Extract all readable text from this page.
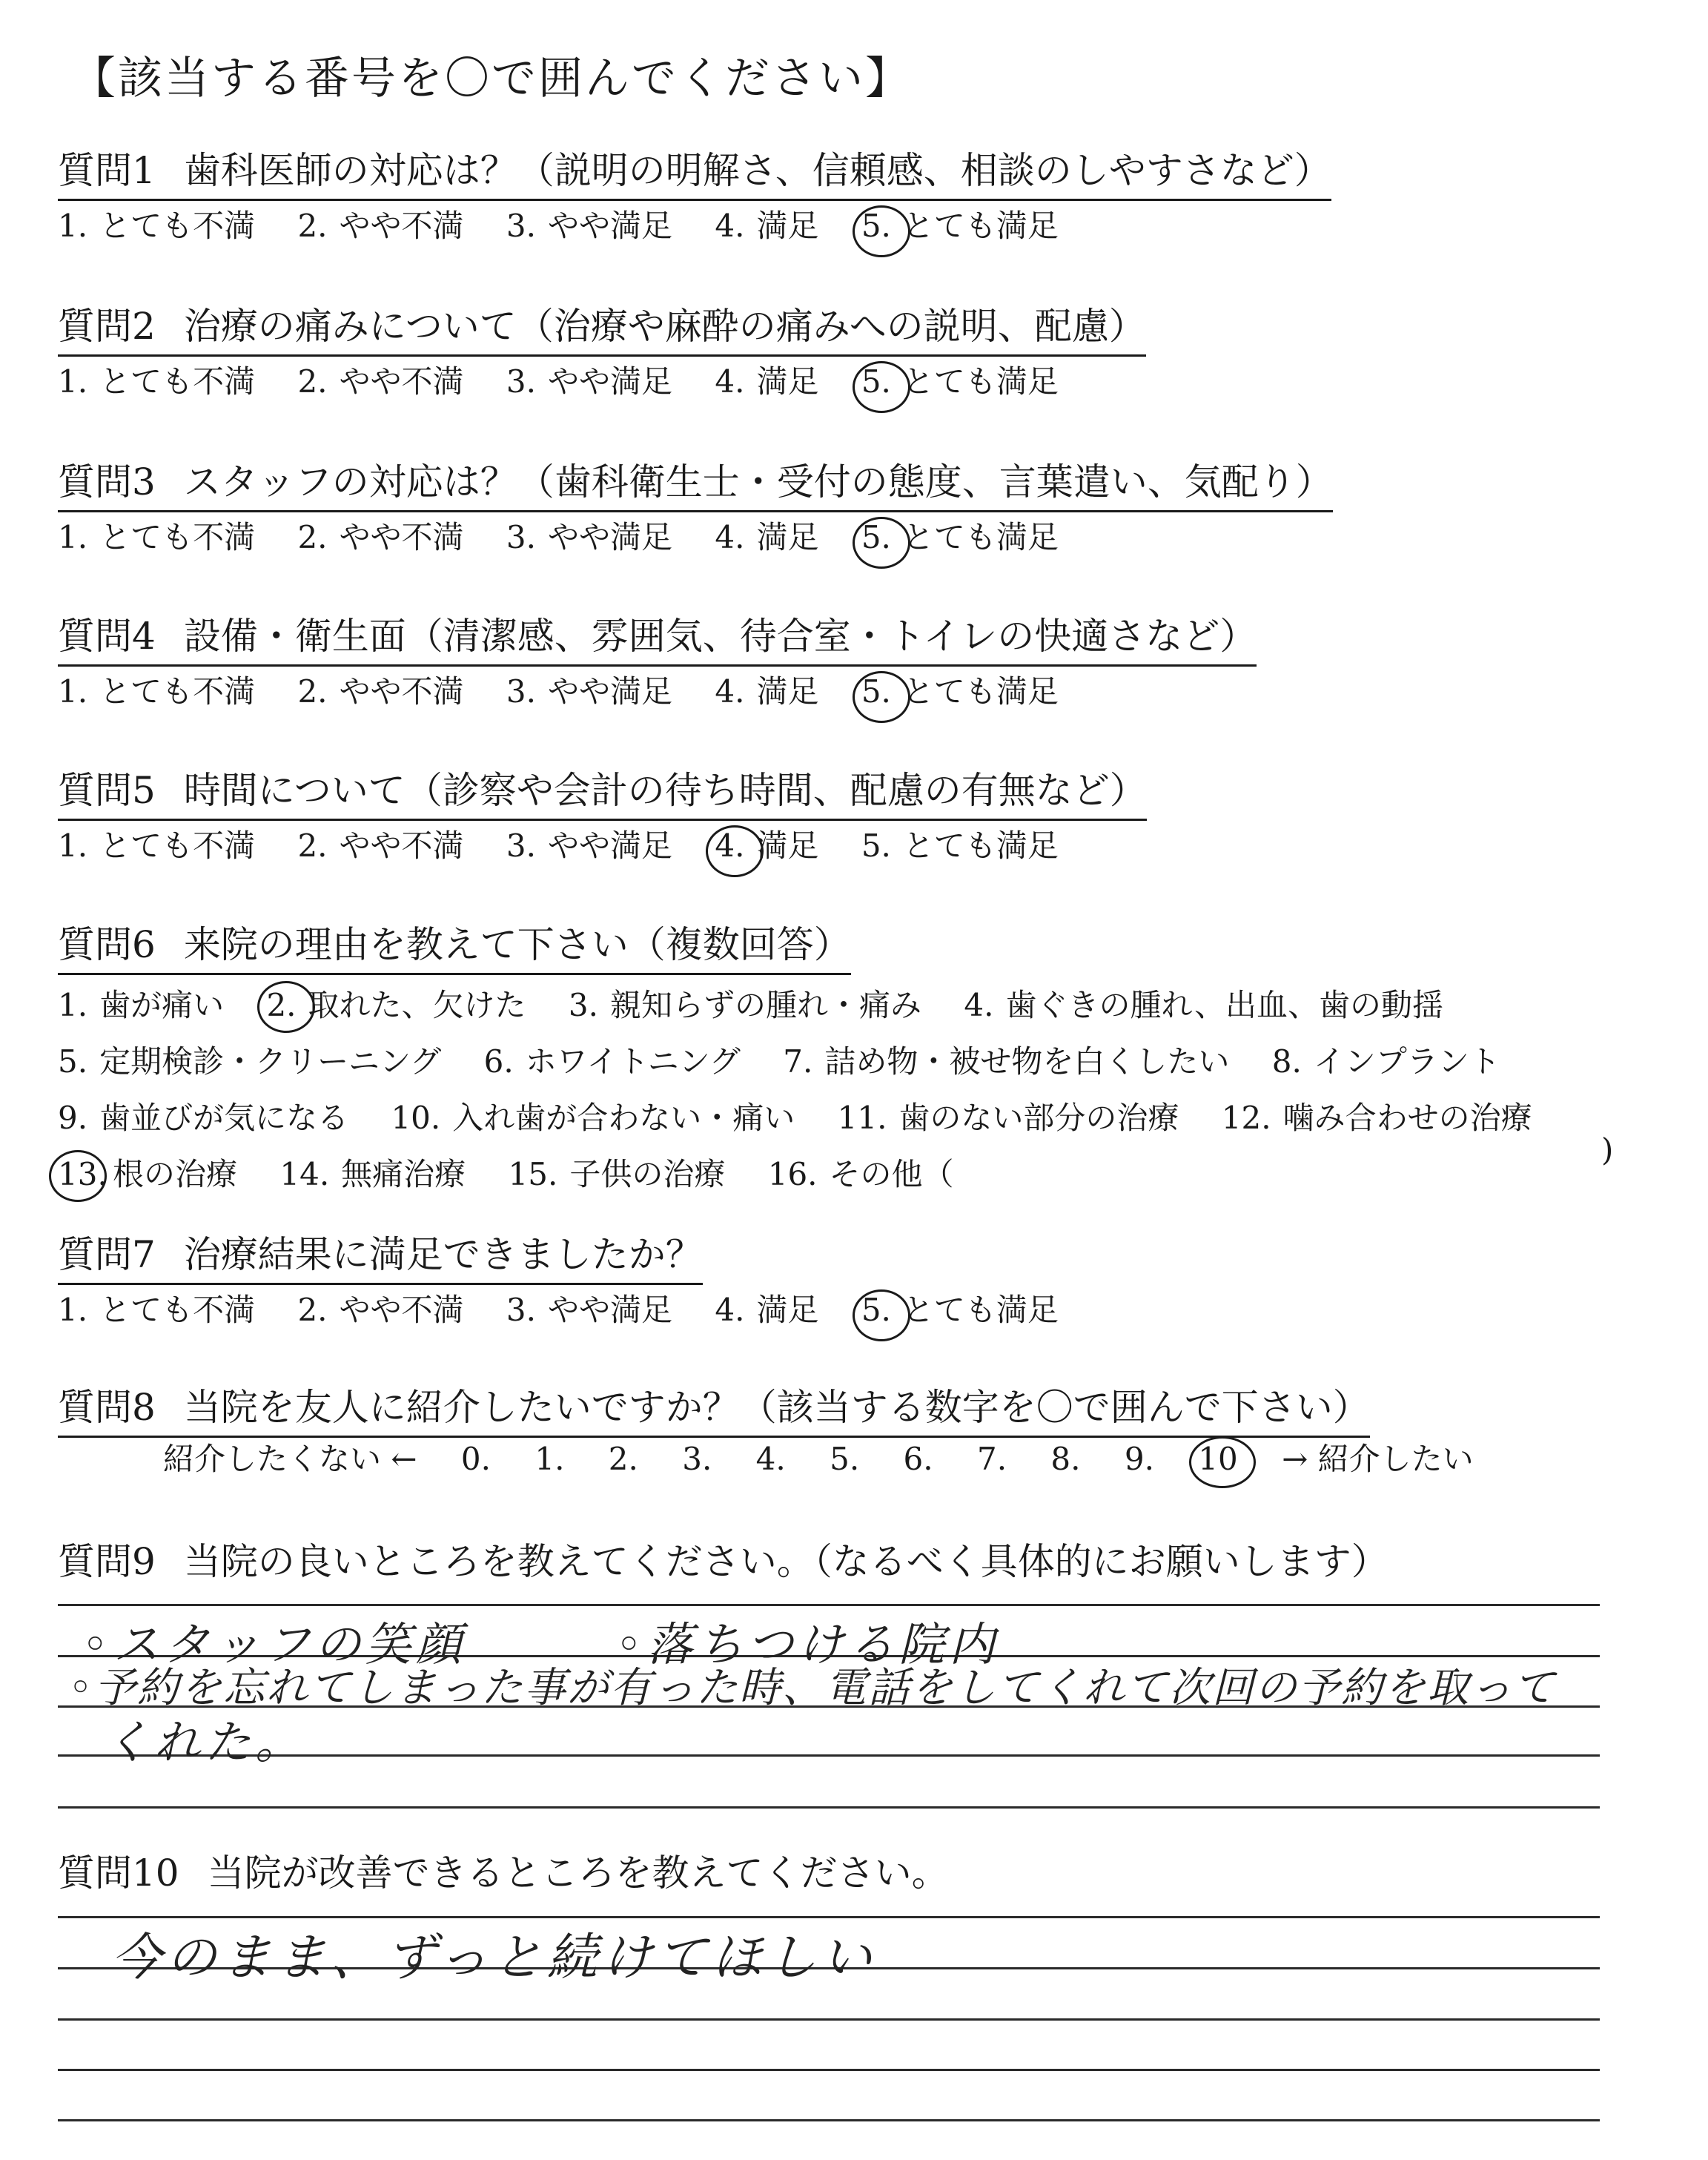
【該当する番号を〇で囲んでください】
質問1 歯科医師の対応は？（説明の明解さ、信頼感、相談のしやすさなど）
1. とても不満 2. やや不満 3. やや満足 4. 満足 5. とても満足
質問2 治療の痛みについて（治療や麻酔の痛みへの説明、配慮）
1. とても不満 2. やや不満 3. やや満足 4. 満足 5. とても満足
質問3 スタッフの対応は？（歯科衛生士・受付の態度、言葉遣い、気配り）
1. とても不満 2. やや不満 3. やや満足 4. 満足 5. とても満足
質問4 設備・衛生面（清潔感、雰囲気、待合室・トイレの快適さなど）
1. とても不満 2. やや不満 3. やや満足 4. 満足 5. とても満足
質問5 時間について（診察や会計の待ち時間、配慮の有無など）
1. とても不満 2. やや不満 3. やや満足 4. 満足 5. とても満足
質問6 来院の理由を教えて下さい（複数回答）
1. 歯が痛い 2. 取れた、欠けた 3. 親知らずの腫れ・痛み 4. 歯ぐきの腫れ、出血、歯の動揺
5. 定期検診・クリーニング 6. ホワイトニング 7. 詰め物・被せ物を白くしたい 8. インプラント
9. 歯並びが気になる 10. 入れ歯が合わない・痛い 11. 歯のない部分の治療 12. 噛み合わせの治療
13. 根の治療 14. 無痛治療 15. 子供の治療 16. その他（
)
質問7 治療結果に満足できましたか？
1. とても不満 2. やや不満 3. やや満足 4. 満足 5. とても満足
質問8 当院を友人に紹介したいですか？（該当する数字を〇で囲んで下さい）
紹介したくない ← 0. 1. 2. 3. 4. 5. 6. 7. 8. 9. 10 → 紹介したい
質問9 当院の良いところを教えてください。（なるべく具体的にお願いします）
◦スタッフの笑顔	◦落ちつける院内
◦予約を忘れてしまった事が有った時、電話をしてくれて次回の予約を取って
くれた。
質問10 当院が改善できるところを教えてください。
今のまま、ずっと続けてほしい
